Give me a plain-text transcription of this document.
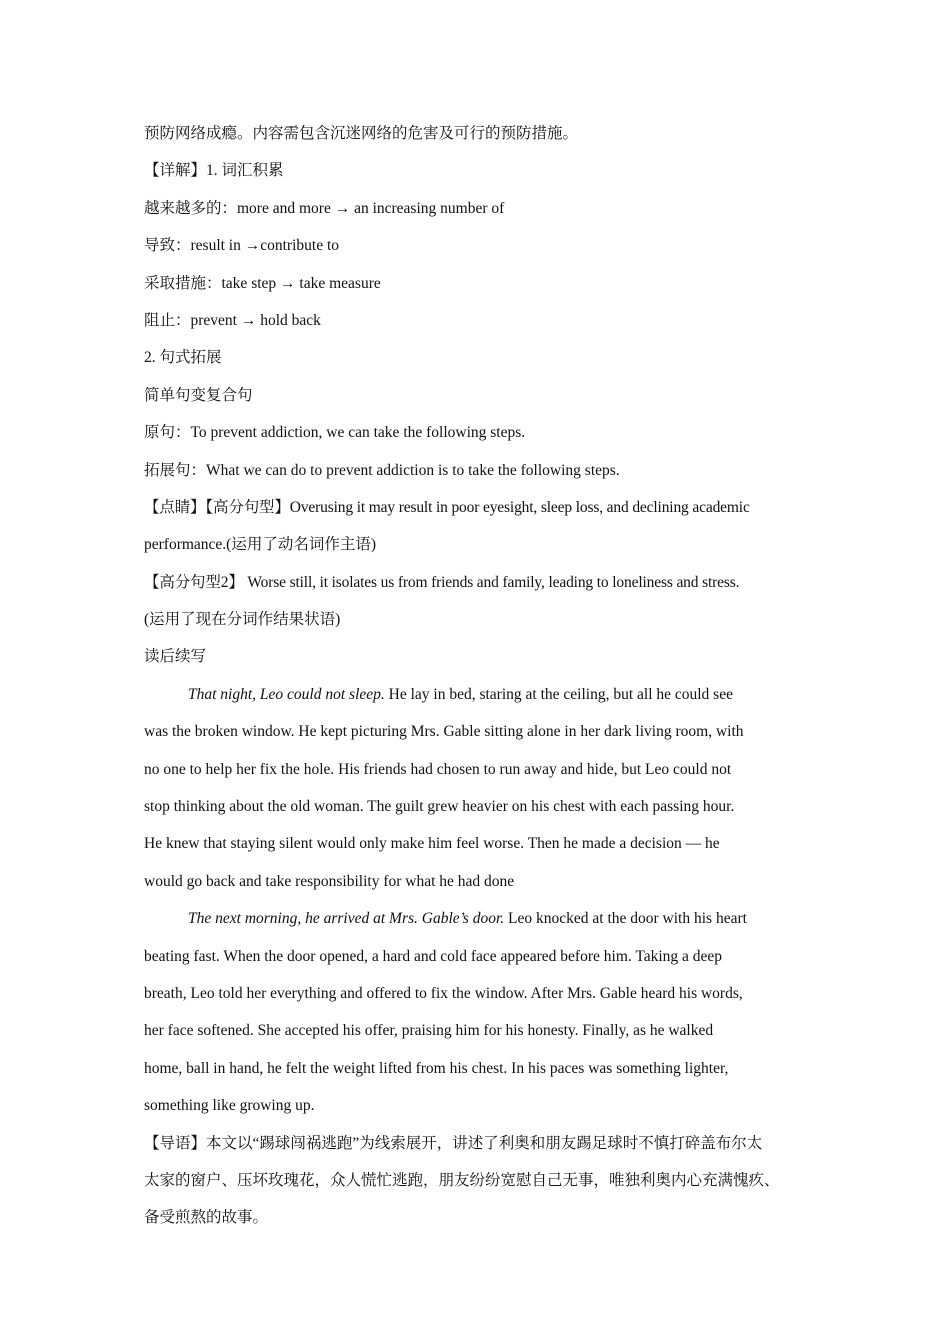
预防网络成瘾。内容需包含沉迷网络的危害及可行的预防措施。
【详解】1. 词汇积累
越来越多的：more and more → an increasing number of
导致：result in →contribute to
采取措施：take step → take measure
阻止：prevent → hold back
2. 句式拓展
简单句变复合句
原句：To prevent addiction, we can take the following steps.
拓展句：What we can do to prevent addiction is to take the following steps.
【点睛】【高分句型】Overusing it may result in poor eyesight, sleep loss, and declining academic
performance.(运用了动名词作主语)
【高分句型2】 Worse still, it isolates us from friends and family, leading to loneliness and stress.
(运用了现在分词作结果状语)
读后续写
That night, Leo could not sleep. He lay in bed, staring at the ceiling, but all he could see
was the broken window. He kept picturing Mrs. Gable sitting alone in her dark living room, with
no one to help her fix the hole. His friends had chosen to run away and hide, but Leo could not
stop thinking about the old woman. The guilt grew heavier on his chest with each passing hour.
He knew that staying silent would only make him feel worse. Then he made a decision — he
would go back and take responsibility for what he had done
The next morning, he arrived at Mrs. Gable’s door. Leo knocked at the door with his heart
beating fast. When the door opened, a hard and cold face appeared before him. Taking a deep
breath, Leo told her everything and offered to fix the window. After Mrs. Gable heard his words,
her face softened. She accepted his offer, praising him for his honesty. Finally, as he walked
home, ball in hand, he felt the weight lifted from his chest. In his paces was something lighter,
something like growing up.
【导语】本文以“踢球闯祸逃跑”为线索展开，讲述了利奥和朋友踢足球时不慎打碎盖布尔太
太家的窗户、压坏玫瑰花，众人慌忙逃跑，朋友纷纷宽慰自己无事，唯独利奥内心充满愧疚、
备受煎熬的故事。
